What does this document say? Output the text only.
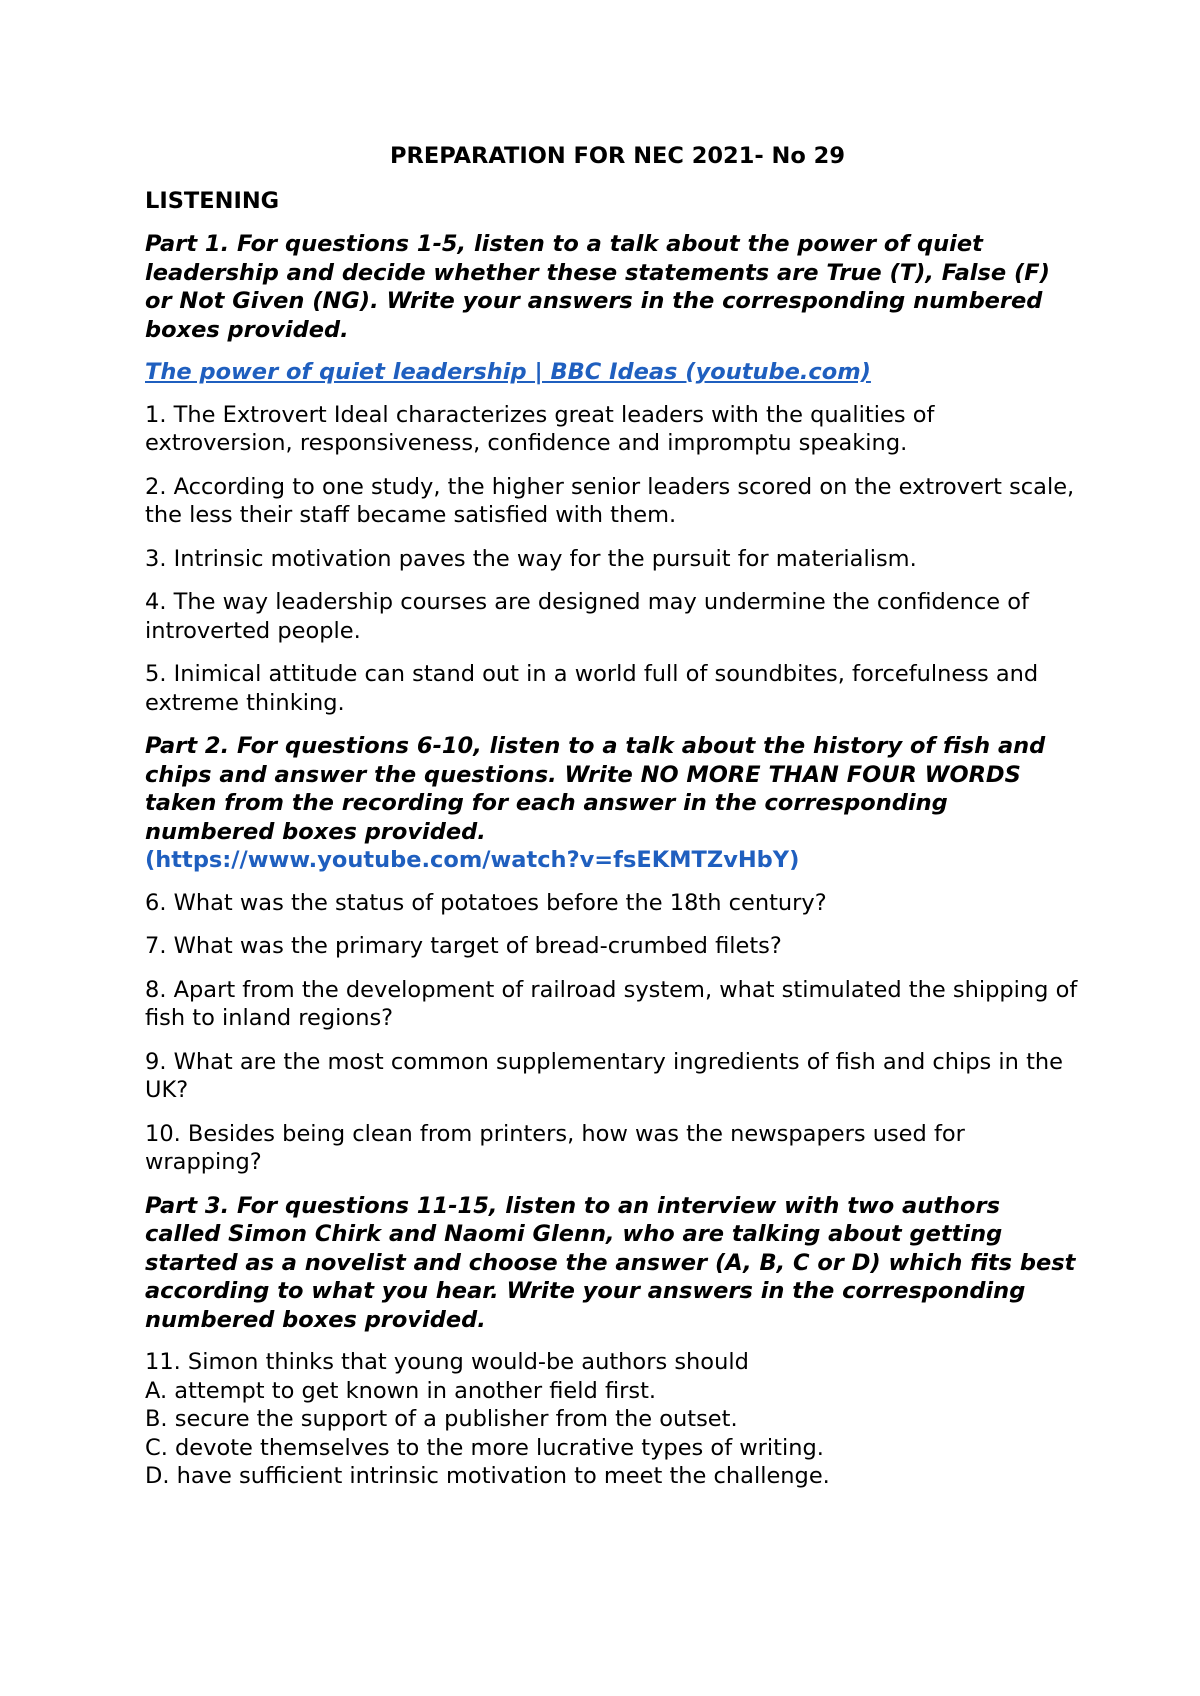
PREPARATION FOR NEC 2021- No 29
LISTENING
Part 1. For questions 1-5, listen to a talk about the power of quiet leadership and decide whether these statements are True (T), False (F) or Not Given (NG). Write your answers in the corresponding numbered boxes provided.
The power of quiet leadership | BBC Ideas (youtube.com)
1. The Extrovert Ideal characterizes great leaders with the qualities of extroversion, responsiveness, confidence and impromptu speaking.
2. According to one study, the higher senior leaders scored on the extrovert scale, the less their staff became satisfied with them.
3. Intrinsic motivation paves the way for the pursuit for materialism.
4. The way leadership courses are designed may undermine the confidence of introverted people.
5. Inimical attitude can stand out in a world full of soundbites, forcefulness and extreme thinking.
Part 2. For questions 6-10, listen to a talk about the history of fish and chips and answer the questions. Write NO MORE THAN FOUR WORDS taken from the recording for each answer in the corresponding numbered boxes provided.
(https://www.youtube.com/watch?v=fsEKMTZvHbY)
6. What was the status of potatoes before the 18th century?
7. What was the primary target of bread-crumbed filets?
8. Apart from the development of railroad system, what stimulated the shipping of fish to inland regions?
9. What are the most common supplementary ingredients of fish and chips in the UK?
10. Besides being clean from printers, how was the newspapers used for wrapping?
Part 3. For questions 11-15, listen to an interview with two authors called Simon Chirk and Naomi Glenn, who are talking about getting started as a novelist and choose the answer (A, B, C or D) which fits best according to what you hear. Write your answers in the corresponding numbered boxes provided.
11. Simon thinks that young would-be authors should
A. attempt to get known in another field first.
B. secure the support of a publisher from the outset.
C. devote themselves to the more lucrative types of writing.
D. have sufficient intrinsic motivation to meet the challenge.
